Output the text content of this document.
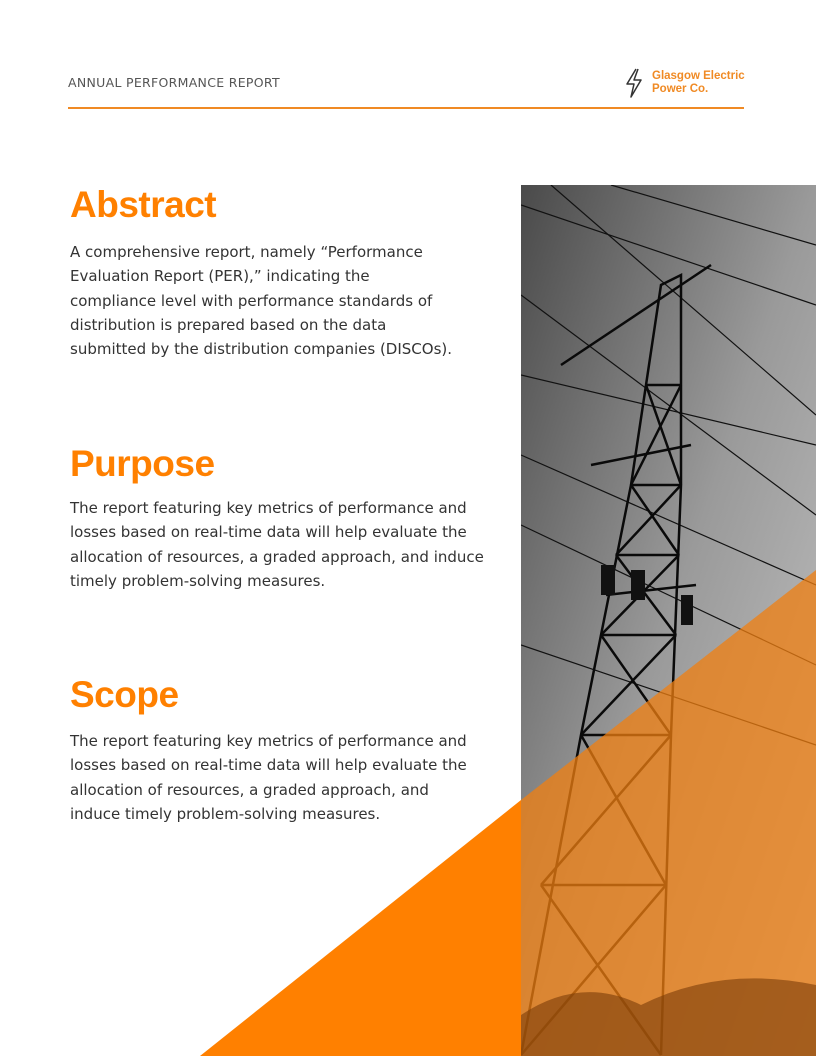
ANNUAL PERFORMANCE REPORT	Glasgow Electric
Power Co.
Abstract

A comprehensive report, namely “Performance Evaluation Report (PER),” indicating the compliance level with performance standards of distribution is prepared based on the data submitted by the distribution companies (DISCOs).

Purpose

The report featuring key metrics of performance and losses based on real-time data will help evaluate the allocation of resources, a graded approach, and induce timely problem-solving measures.

Scope

The report featuring key metrics of performance and losses based on real-time data will help evaluate the allocation of resources, a graded approach, and induce timely problem-solving measures.
